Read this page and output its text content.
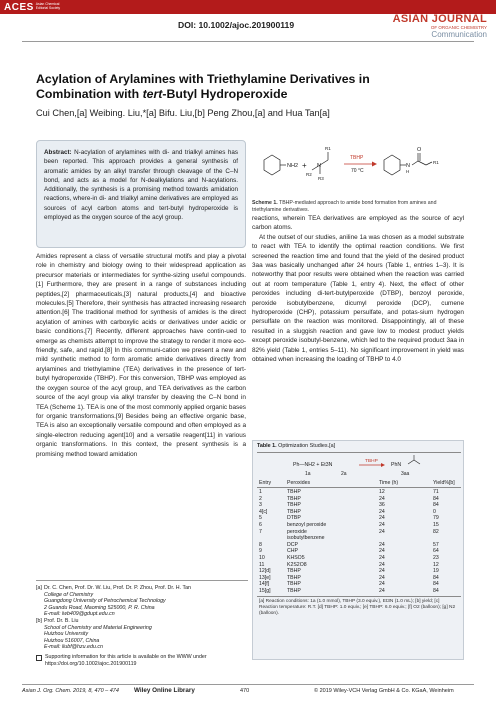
ACES Asian Chemical Editorial Society
DOI: 10.1002/ajoc.201900119	ASIAN JOURNAL
OF ORGANIC CHEMISTRY
Communication
Acylation of Arylamines with Triethylamine Derivatives in
Combination with tert-Butyl Hydroperoxide
Cui Chen,[a] Weibing. Liu,*[a] Bifu. Liu,[b] Peng Zhou,[a] and Hua Tan[a]
Abstract: N-acylation of arylamines with di- and trialkyl amines has been reported. This approach provides a general synthesis of aromatic amides by an alkyl transfer through cleavage of the C–N bond, and acts as a model for N-dealkylations and N-acylations. Additionally, the synthesis is a promising method towards amidation reactions, where-in di- and trialkyl amine derivatives are employed as sources of acyl carbon atoms and tert-butyl hydroperoxide is employed as the oxygen source of the acyl group.
NH2 + N
R1
R2
R3
TBHP
70 °C
N
H
O
R1
Scheme 1. TBHP-mediated approach to amide bond formation from amines and triethylamine derivatives.
reactions, wherein TEA derivatives are employed as the source of acyl carbon atoms.

At the outset of our studies, aniline 1a was chosen as a model substrate to react with TEA to identify the optimal reaction conditions. We first screened the reaction time and found that the yield of the desired product 3aa was basically unchanged after 24 hours (Table 1, entries 1–3). It is noteworthy that poor results were obtained when the reaction was carried out at room temperature (Table 1, entry 4). Next, the effect of other peroxides including di-tert-butylperoxide (DTBP), benzoyl peroxide, peroxide isobutylbenzene, dicumyl peroxide (DCP), cumene hydroperoxide (CHP), potassium persulfate, and potas-sium hydrogen persulfate on the reaction was monitored. Disappointingly, all of these resulted in a sluggish reaction and gave low to modest product yields except peroxide isobutyl-benzene, which led to the required product 3aa in 82% yield (Table 1, entries 5–11). No significant improvement in yield was obtained when increasing the loading of TBHP to 4.0

Amides represent a class of versatile structural motifs and play a pivotal role in chemistry and biology owing to their widespread application as precursor materials or intermediates for synthe-sizing useful compounds.[1] Furthermore, they are present in a range of substances including peptides,[2] pharmaceuticals,[3] natural products,[4] and bioactive molecules.[5] Therefore, their synthesis has attracted increasing research attention.[6] The traditional method for synthesis of amides is the direct acylation of amines with carboxylic acids or derivatives under acidic or basic conditions.[7] Recently, different approaches have contin-ued to emerge as chemists attempt to improve the strategy to render it more eco-friendly, safe, and rapid.[8] In this communi-cation we present a new and mild synthetic method to form aromatic amide derivatives directly from arylamines and triethylamine (TEA) derivatives in the presence of tert-butyl hydroperoxide (TBHP). For this conversion, TBHP was employed as the oxygen source of the acyl group, and TEA derivatives as the carbon source of the acyl group via alkyl transfer by cleaving the C–N bond in TEA (Scheme 1). TEA is one of the most commonly applied organic bases for organic transformations.[9] Besides being an effective organic base, TEA is also an exceptionally versatile compound and often employed as a single-electron reducing agent[10] and a versatile reagent[11] in various organic transformations. In this context, the present synthesis is a promising method toward amidation
Table 1. Optimization Studies.[a]
Ph—NH2 + Et3N
TBHP
PhN
1a	2a	3aa
Entry	Peroxides	Time (h)	Yield%[b]
1	TBHP	12	71
2	TBHP	24	84
3	TBHP	36	84
4[c]	TBHP	24	0
5	DTBP	24	79
6	benzoyl peroxide	24	15
7	peroxide	24	82
isobutylbenzene
8	DCP	24	57
9	CHP	24	64
10	KHSO5	24	23
11	K2S2O8	24	12
12[d]	TBHP	24	19
13[e]	TBHP	24	84
14[f]	TBHP	24	84
15[g]	TBHP	24	84
[a] Reaction conditions: 1a (1.0 mmol), TBHP (3.0 equiv.), Et3N (1.0 mL); [b] yield; [c] Reaction temperature: R.T. [d] TBHP: 1.0 equiv.; [e] TBHP: 6.0 equiv.; [f] O2 (balloon); [g] N2 (balloon).
[a] Dr. C. Chen, Prof. Dr. W. Liu, Prof. Dr. P. Zhou, Prof. Dr. H. Tan
College of Chemistry
Guangdong University of Petrochemical Technology
2 Guandu Road, Maoming 525000, P. R. China
E-mail: lwb409@gdupt.edu.cn
[b] Prof. Dr. B. Liu
School of Chemistry and Material Engineering
Huizhou University
Huizhou 516007, China
E-mail: liubf@hzu.edu.cn
Supporting information for this article is available on the WWW under https://doi.org/10.1002/ajoc.201900119
Asian J. Org. Chem. 2019, 8, 470 – 474 Wiley Online Library	470	© 2019 Wiley-VCH Verlag GmbH & Co. KGaA, Weinheim
